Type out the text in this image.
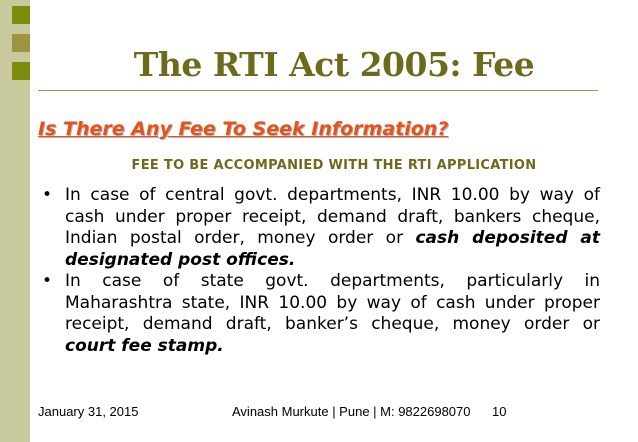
The RTI Act 2005: Fee
Is There Any Fee To Seek Information?
FEE TO BE ACCOMPANIED WITH THE RTI APPLICATION
• In case of central govt. departments, INR 10.00 by way of cash under proper receipt, demand draft, bankers cheque, Indian postal order, money order or cash deposited at designated post offices.
• In case of state govt. departments, particularly in Maharashtra state, INR 10.00 by way of cash under proper receipt, demand draft, banker’s cheque, money order or court fee stamp.
January 31, 2015	Avinash Murkute | Pune | M: 9822698070 10
